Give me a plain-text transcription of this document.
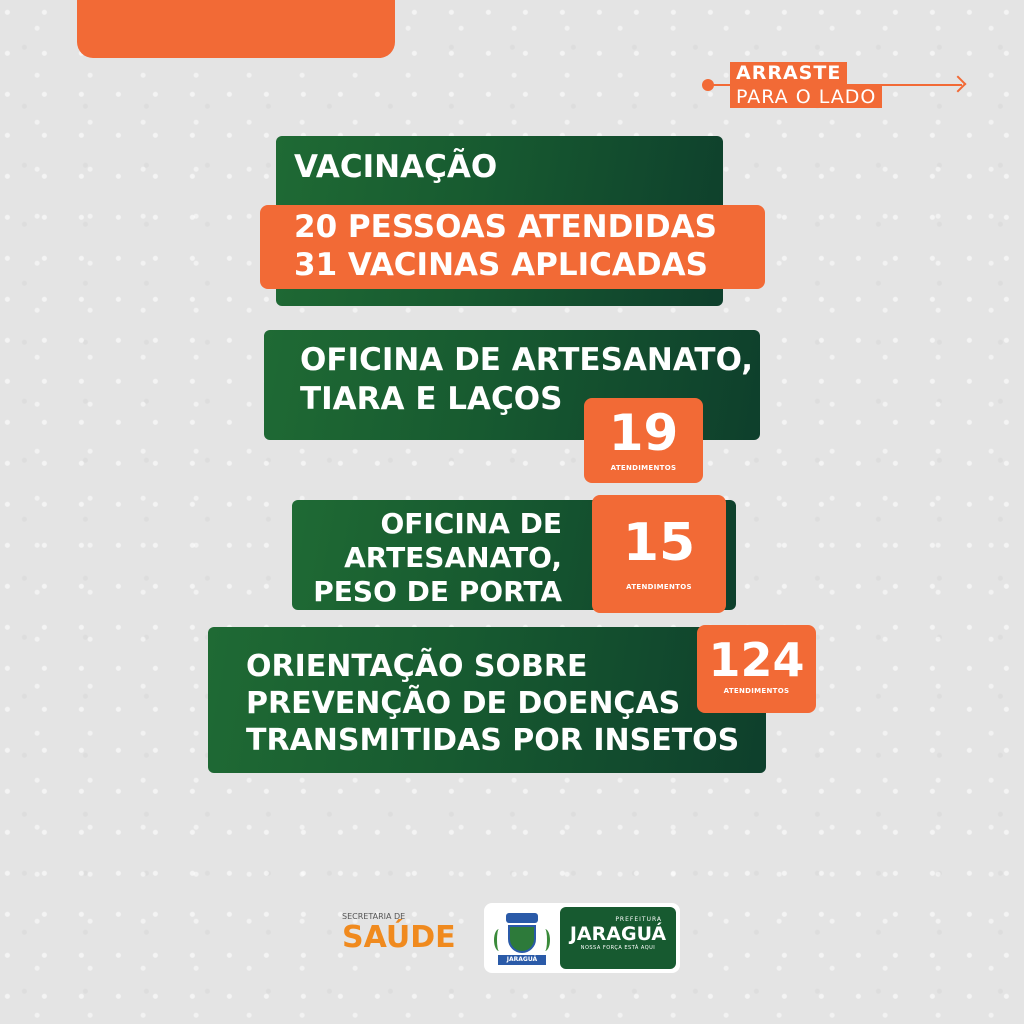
ARRASTE
PARA O LADO
VACINAÇÃO
20 PESSOAS ATENDIDAS
31 VACINAS APLICADAS
OFICINA DE ARTESANATO,
TIARA E LAÇOS
19
ATENDIMENTOS
OFICINA DE
ARTESANATO,
PESO DE PORTA
15
ATENDIMENTOS
ORIENTAÇÃO SOBRE
PREVENÇÃO DE DOENÇAS
TRANSMITIDAS POR INSETOS
124
ATENDIMENTOS
SECRETARIA DE
SAÚDE
JARAGUÁ
PREFEITURA
JARAGUÁ
NOSSA FORÇA ESTÁ AQUI
